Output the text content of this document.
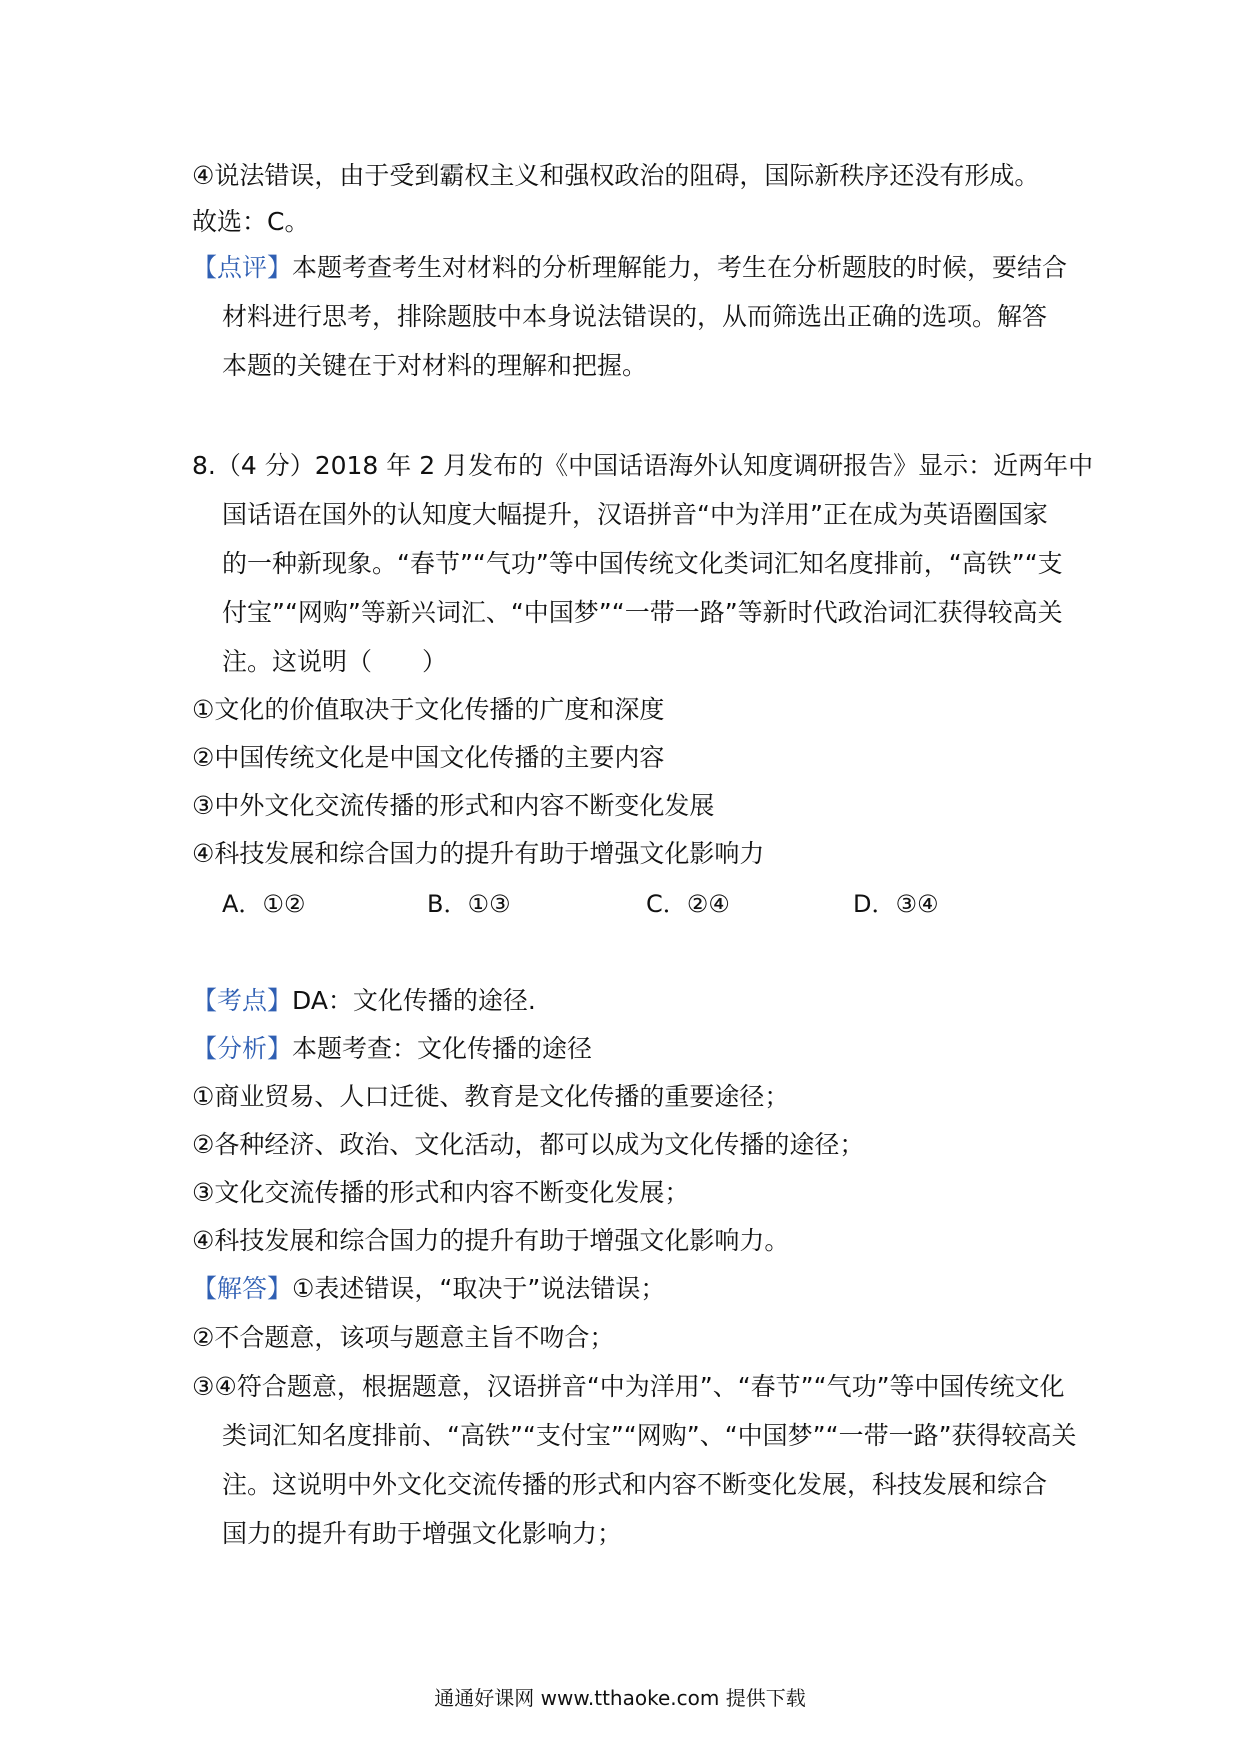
④说法错误，由于受到霸权主义和强权政治的阻碍，国际新秩序还没有形成。
故选：C。
【点评】本题考查考生对材料的分析理解能力，考生在分析题肢的时候，要结合
材料进行思考，排除题肢中本身说法错误的，从而筛选出正确的选项。解答
本题的关键在于对材料的理解和把握。
8.（4 分）2018 年 2 月发布的《中国话语海外认知度调研报告》显示：近两年中
国话语在国外的认知度大幅提升，汉语拼音“中为洋用”正在成为英语圈国家
的一种新现象。“春节”“气功”等中国传统文化类词汇知名度排前，“高铁”“支
付宝”“网购”等新兴词汇、“中国梦”“一带一路”等新时代政治词汇获得较高关
注。这说明（　　）
①文化的价值取决于文化传播的广度和深度
②中国传统文化是中国文化传播的主要内容
③中外文化交流传播的形式和内容不断变化发展
④科技发展和综合国力的提升有助于增强文化影响力
A．①②	B．①③	C．②④	D．③④
【考点】DA：文化传播的途径.
【分析】本题考查：文化传播的途径
①商业贸易、人口迁徙、教育是文化传播的重要途径；
②各种经济、政治、文化活动，都可以成为文化传播的途径；
③文化交流传播的形式和内容不断变化发展；
④科技发展和综合国力的提升有助于增强文化影响力。
【解答】①表述错误，“取决于”说法错误；
②不合题意，该项与题意主旨不吻合；
③④符合题意，根据题意，汉语拼音“中为洋用”、“春节”“气功”等中国传统文化
类词汇知名度排前、“高铁”“支付宝”“网购”、“中国梦”“一带一路”获得较高关
注。这说明中外文化交流传播的形式和内容不断变化发展，科技发展和综合
国力的提升有助于增强文化影响力；
通通好课网 www.tthaoke.com 提供下载
